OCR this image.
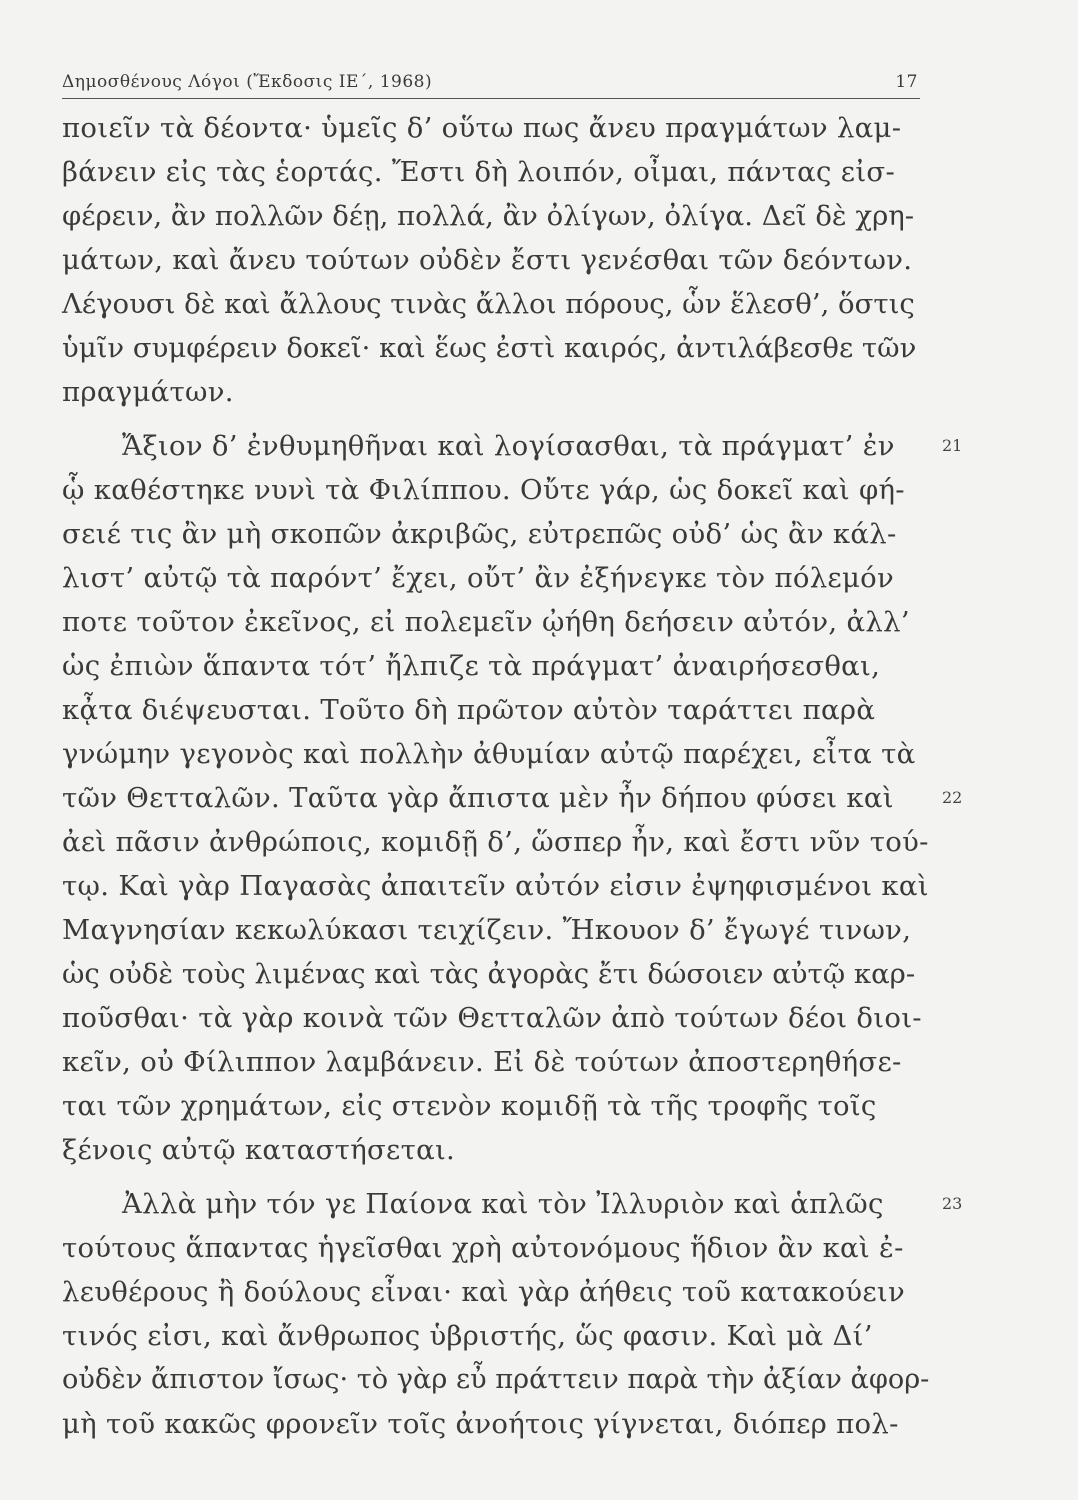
Δημοσθένους Λόγοι (Ἔκδοσις ΙΕ΄, 1968)	17
ποιεῖν τὰ δέοντα· ὑμεῖς δ’ οὕτω πως ἄνευ πραγμάτων λαμ-
βάνειν εἰς τὰς ἑορτάς. Ἔστι δὴ λοιπόν, οἶμαι, πάντας εἰσ-
φέρειν, ἂν πολλῶν δέῃ, πολλά, ἂν ὀλίγων, ὀλίγα. Δεῖ δὲ χρη-
μάτων, καὶ ἄνευ τούτων οὐδὲν ἔστι γενέσθαι τῶν δεόντων.
Λέγουσι δὲ καὶ ἄλλους τινὰς ἄλλοι πόρους, ὧν ἕλεσθ’, ὅστις
ὑμῖν συμφέρειν δοκεῖ· καὶ ἕως ἐστὶ καιρός, ἀντιλάβεσθε τῶν
πραγμάτων.
Ἄξιον δ’ ἐνθυμηθῆναι καὶ λογίσασθαι, τὰ πράγματ’ ἐν	21
ᾧ καθέστηκε νυνὶ τὰ Φιλίππου. Οὔτε γάρ, ὡς δοκεῖ καὶ φή-
σειέ τις ἂν μὴ σκοπῶν ἀκριβῶς, εὐτρεπῶς οὐδ’ ὡς ἂν κάλ-
λιστ’ αὐτῷ τὰ παρόντ’ ἔχει, οὔτ’ ἂν ἐξήνεγκε τὸν πόλεμόν
ποτε τοῦτον ἐκεῖνος, εἰ πολεμεῖν ᾠήθη δεήσειν αὐτόν, ἀλλ’
ὡς ἐπιὼν ἅπαντα τότ’ ἤλπιζε τὰ πράγματ’ ἀναιρήσεσθαι,
κᾆτα διέψευσται. Τοῦτο δὴ πρῶτον αὐτὸν ταράττει παρὰ
γνώμην γεγονὸς καὶ πολλὴν ἀθυμίαν αὐτῷ παρέχει, εἶτα τὰ
τῶν Θετταλῶν. Ταῦτα γὰρ ἄπιστα μὲν ἦν δήπου φύσει καὶ	22
ἀεὶ πᾶσιν ἀνθρώποις, κομιδῇ δ’, ὥσπερ ἦν, καὶ ἔστι νῦν τού-
τῳ. Καὶ γὰρ Παγασὰς ἀπαιτεῖν αὐτόν εἰσιν ἐψηφισμένοι καὶ
Μαγνησίαν κεκωλύκασι τειχίζειν. Ἤκουον δ’ ἔγωγέ τινων,
ὡς οὐδὲ τοὺς λιμένας καὶ τὰς ἀγορὰς ἔτι δώσοιεν αὐτῷ καρ-
ποῦσθαι· τὰ γὰρ κοινὰ τῶν Θετταλῶν ἀπὸ τούτων δέοι διοι-
κεῖν, οὐ Φίλιππον λαμβάνειν. Εἰ δὲ τούτων ἀποστερηθήσε-
ται τῶν χρημάτων, εἰς στενὸν κομιδῇ τὰ τῆς τροφῆς τοῖς
ξένοις αὐτῷ καταστήσεται.
Ἀλλὰ μὴν τόν γε Παίονα καὶ τὸν Ἰλλυριὸν καὶ ἁπλῶς	23
τούτους ἅπαντας ἡγεῖσθαι χρὴ αὐτονόμους ἥδιον ἂν καὶ ἐ-
λευθέρους ἢ δούλους εἶναι· καὶ γὰρ ἀήθεις τοῦ κατακούειν
τινός εἰσι, καὶ ἄνθρωπος ὑβριστής, ὥς φασιν. Καὶ μὰ Δί’
οὐδὲν ἄπιστον ἴσως· τὸ γὰρ εὖ πράττειν παρὰ τὴν ἀξίαν ἀφορ-
μὴ τοῦ κακῶς φρονεῖν τοῖς ἀνοήτοις γίγνεται, διόπερ πολ-
